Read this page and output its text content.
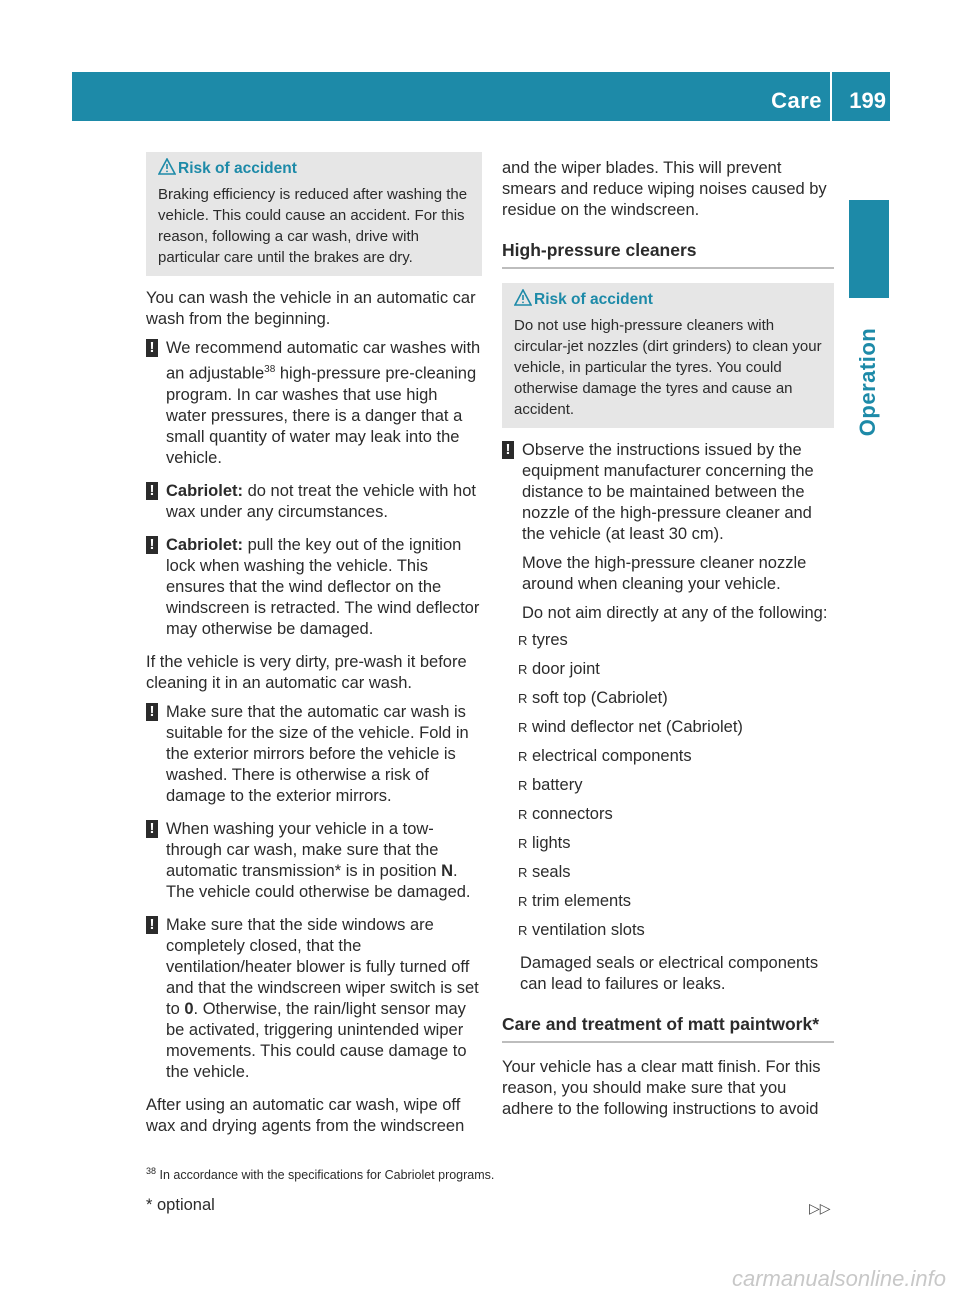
Care 199
Operation
Risk of accident
Braking efficiency is reduced after washing the vehicle. This could cause an accident. For this reason, following a car wash, drive with particular care until the brakes are dry.

You can wash the vehicle in an automatic car wash from the beginning.

! We recommend automatic car washes with an adjustable$^{38}$ high-pressure pre-cleaning program. In car washes that use high water pressures, there is a danger that a small quantity of water may leak into the vehicle.
! Cabriolet: do not treat the vehicle with hot wax under any circumstances.
! Cabriolet: pull the key out of the ignition lock when washing the vehicle. This ensures that the wind deflector on the windscreen is retracted. The wind deflector may otherwise be damaged.

If the vehicle is very dirty, pre-wash it before cleaning it in an automatic car wash.

! Make sure that the automatic car wash is suitable for the size of the vehicle. Fold in the exterior mirrors before the vehicle is washed. There is otherwise a risk of damage to the exterior mirrors.
! When washing your vehicle in a tow-through car wash, make sure that the automatic transmission* is in position N. The vehicle could otherwise be damaged.
! Make sure that the side windows are completely closed, that the ventilation/heater blower is fully turned off and that the windscreen wiper switch is set to 0. Otherwise, the rain/light sensor may be activated, triggering unintended wiper movements. This could cause damage to the vehicle.

After using an automatic car wash, wipe off wax and drying agents from the windscreen

and the wiper blades. This will prevent smears and reduce wiping noises caused by residue on the windscreen.

High-pressure cleaners
Risk of accident
Do not use high-pressure cleaners with circular-jet nozzles (dirt grinders) to clean your vehicle, in particular the tyres. You could otherwise damage the tyres and cause an accident.
! Observe the instructions issued by the equipment manufacturer concerning the distance to be maintained between the nozzle of the high-pressure cleaner and the vehicle (at least 30 cm).
Move the high-pressure cleaner nozzle around when cleaning your vehicle.
Do not aim directly at any of the following:
R tyres
R door joint
R soft top (Cabriolet)
R wind deflector net (Cabriolet)
R electrical components
R battery
R connectors
R lights
R seals
R trim elements
R ventilation slots

Damaged seals or electrical components can lead to failures or leaks.

Care and treatment of matt paintwork*

Your vehicle has a clear matt finish. For this reason, you should make sure that you adhere to the following instructions to avoid

$^{38}$ In accordance with the specifications for Cabriolet programs.
* optional	▷▷
carmanualsonline.info
